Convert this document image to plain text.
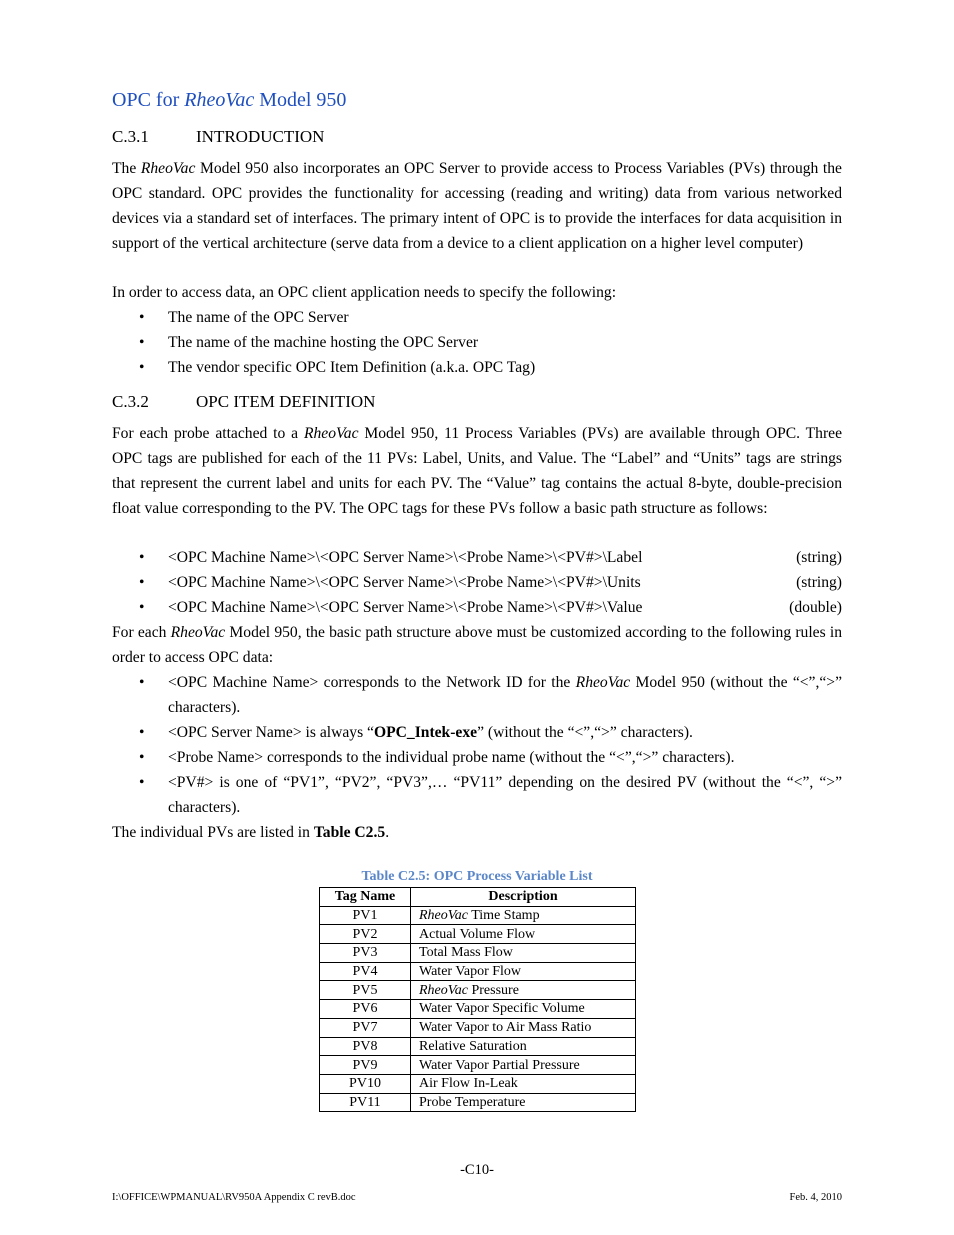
OPC for RheoVac Model 950
C.3.1	INTRODUCTION

The RheoVac Model 950 also incorporates an OPC Server to provide access to Process Variables (PVs) through the OPC standard. OPC provides the functionality for accessing (reading and writing) data from various networked devices via a standard set of interfaces. The primary intent of OPC is to provide the interfaces for data acquisition in support of the vertical architecture (serve data from a device to a client application on a higher level computer)

In order to access data, an OPC client application needs to specify the following:
• The name of the OPC Server
• The name of the machine hosting the OPC Server
• The vendor specific OPC Item Definition (a.k.a. OPC Tag)
C.3.2	OPC ITEM DEFINITION

For each probe attached to a RheoVac Model 950, 11 Process Variables (PVs) are available through OPC. Three OPC tags are published for each of the 11 PVs: Label, Units, and Value. The “Label” and “Units” tags are strings that represent the current label and units for each PV. The “Value” tag contains the actual 8-byte, double-precision float value corresponding to the PV. The OPC tags for these PVs follow a basic path structure as follows:

• <OPC Machine Name>\<OPC Server Name>\<Probe Name>\<PV#>\Label	(string)
• <OPC Machine Name>\<OPC Server Name>\<Probe Name>\<PV#>\Units	(string)
• <OPC Machine Name>\<OPC Server Name>\<Probe Name>\<PV#>\Value	(double)

For each RheoVac Model 950, the basic path structure above must be customized according to the following rules in order to access OPC data:

• <OPC Machine Name> corresponds to the Network ID for the RheoVac Model 950 (without the “<”,“>” characters).
• <OPC Server Name> is always “OPC_Intek-exe” (without the “<”,“>” characters).
• <Probe Name> corresponds to the individual probe name (without the “<”,“>” characters).
• <PV#> is one of “PV1”, “PV2”, “PV3”,… “PV11” depending on the desired PV (without the “<”, “>” characters).
The individual PVs are listed in Table C2.5.
Table C2.5: OPC Process Variable List
Tag Name	Description
PV1	RheoVac Time Stamp
PV2	Actual Volume Flow
PV3	Total Mass Flow
PV4	Water Vapor Flow
PV5	RheoVac Pressure
PV6	Water Vapor Specific Volume
PV7	Water Vapor to Air Mass Ratio
PV8	Relative Saturation
PV9	Water Vapor Partial Pressure
PV10	Air Flow In-Leak
PV11	Probe Temperature
-C10-
I:\OFFICE\WPMANUAL\RV950A Appendix C revB.doc	Feb. 4, 2010
